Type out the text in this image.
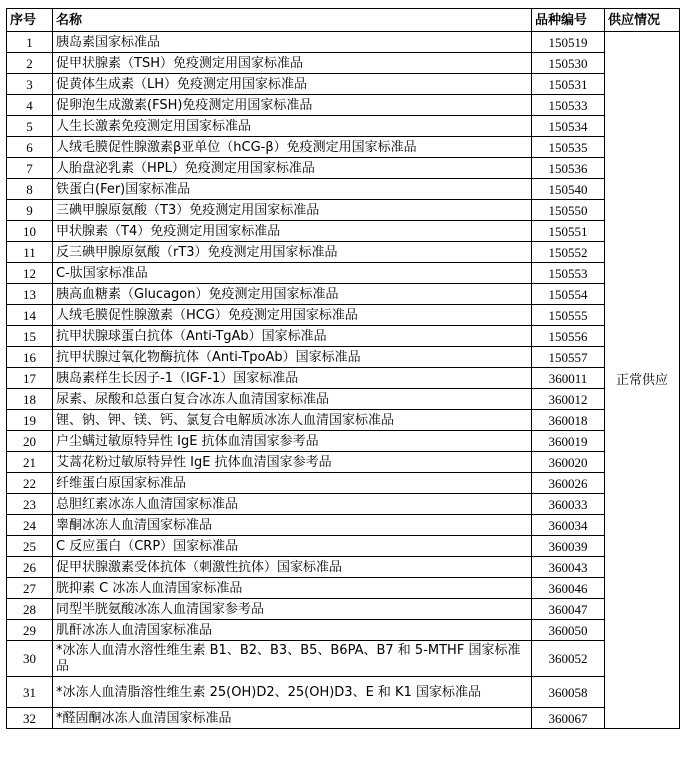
序号	名称	品种编号	供应情况
1	胰岛素国家标准品	150519	正常供应
2	促甲状腺素（TSH）免疫测定用国家标准品	150530	
3	促黄体生成素（LH）免疫测定用国家标准品	150531	
4	促卵泡生成激素(FSH)免疫测定用国家标准品	150533	
5	人生长激素免疫测定用国家标准品	150534	
6	人绒毛膜促性腺激素β亚单位（hCG-β）免疫测定用国家标准品	150535	
7	人胎盘泌乳素（HPL）免疫测定用国家标准品	150536	
8	铁蛋白(Fer)国家标准品	150540	
9	三碘甲腺原氨酸（T3）免疫测定用国家标准品	150550	
10	甲状腺素（T4）免疫测定用国家标准品	150551	
11	反三碘甲腺原氨酸（rT3）免疫测定用国家标准品	150552	
12	C-肽国家标准品	150553	
13	胰高血糖素（Glucagon）免疫测定用国家标准品	150554	
14	人绒毛膜促性腺激素（HCG）免疫测定用国家标准品	150555	
15	抗甲状腺球蛋白抗体（Anti-TgAb）国家标准品	150556	
16	抗甲状腺过氧化物酶抗体（Anti-TpoAb）国家标准品	150557	
17	胰岛素样生长因子-1（IGF-1）国家标准品	360011	
18	尿素、尿酸和总蛋白复合冰冻人血清国家标准品	360012	
19	锂、钠、钾、镁、钙、氯复合电解质冰冻人血清国家标准品	360018	
20	户尘螨过敏原特异性 IgE 抗体血清国家参考品	360019	
21	艾蒿花粉过敏原特异性 IgE 抗体血清国家参考品	360020	
22	纤维蛋白原国家标准品	360026	
23	总胆红素冰冻人血清国家标准品	360033	
24	睾酮冰冻人血清国家标准品	360034	
25	C 反应蛋白（CRP）国家标准品	360039	
26	促甲状腺激素受体抗体（刺激性抗体）国家标准品	360043	
27	胱抑素 C 冰冻人血清国家标准品	360046	
28	同型半胱氨酸冰冻人血清国家参考品	360047	
29	肌酐冰冻人血清国家标准品	360050	
30	*冰冻人血清水溶性维生素 B1、B2、B3、B5、B6PA、B7 和 5-MTHF 国家标准品	360052	
31	*冰冻人血清脂溶性维生素 25(OH)D2、25(OH)D3、E 和 K1 国家标准品	360058	
32	*醛固酮冰冻人血清国家标准品	360067	
